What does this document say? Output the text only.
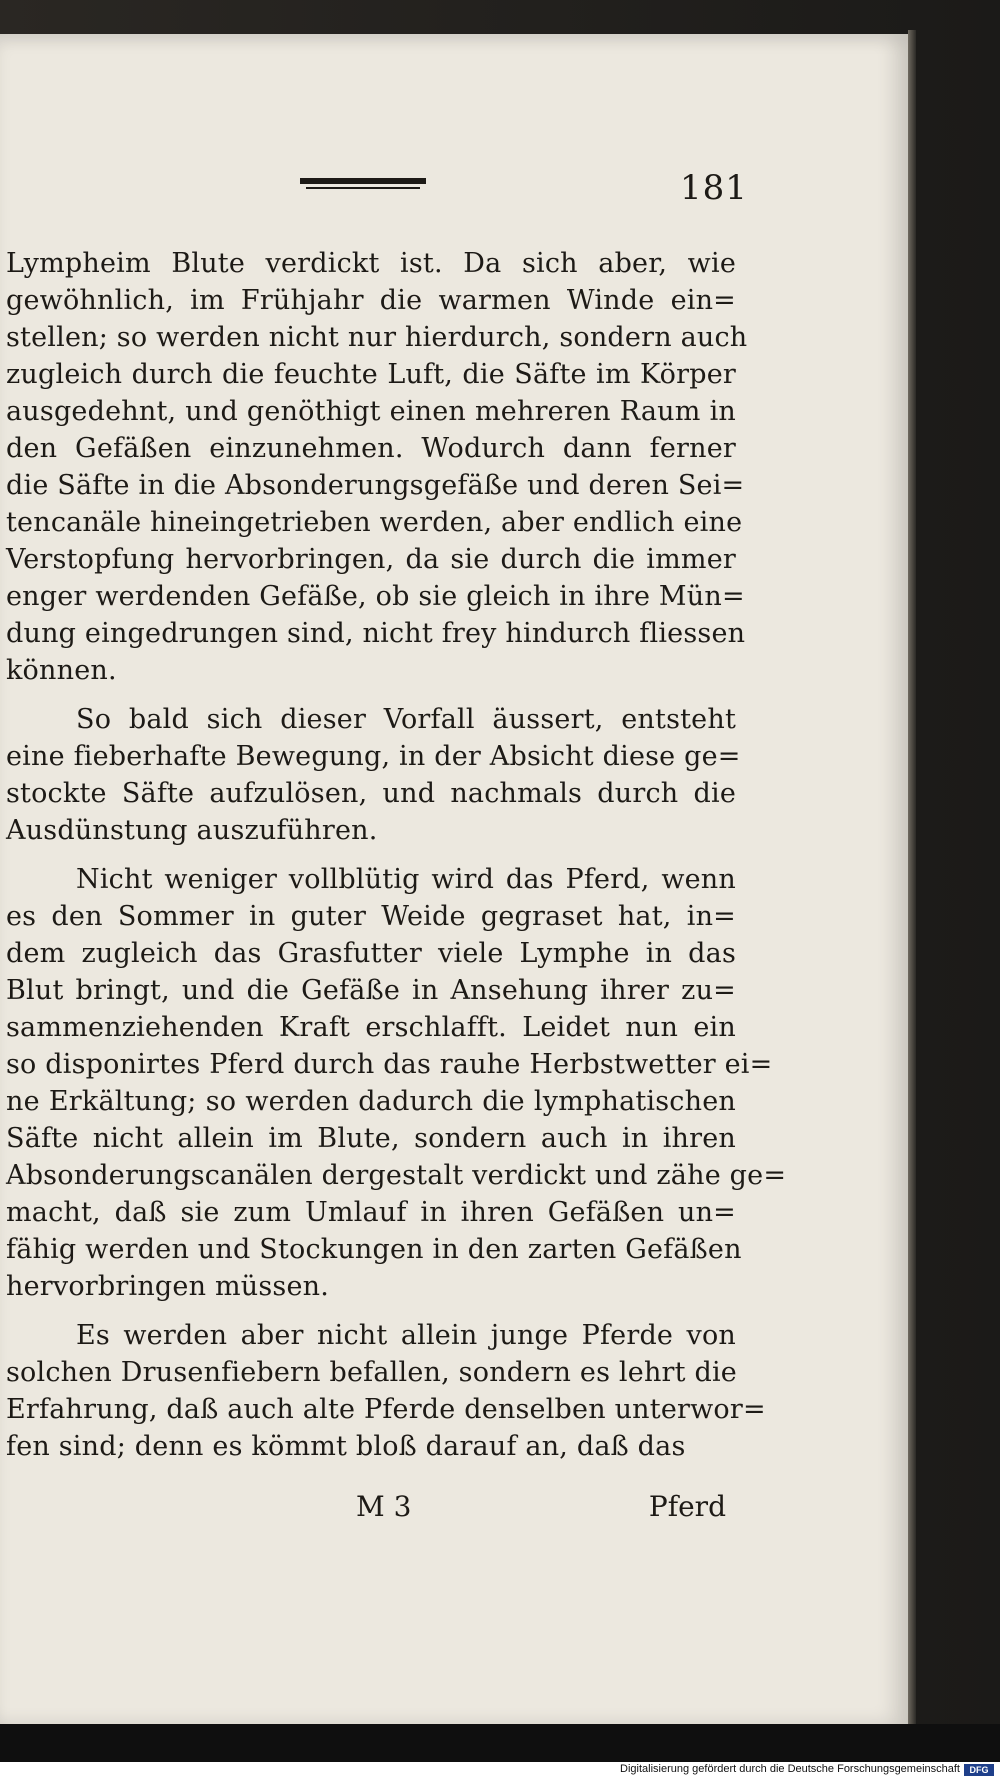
181
Lympheim Blute verdickt ist. Da sich aber, wie
gewöhnlich, im Frühjahr die warmen Winde ein=
stellen; so werden nicht nur hierdurch, sondern auch
zugleich durch die feuchte Luft, die Säfte im Körper
ausgedehnt, und genöthigt einen mehreren Raum in
den Gefäßen einzunehmen. Wodurch dann ferner
die Säfte in die Absonderungsgefäße und deren Sei=
tencanäle hineingetrieben werden, aber endlich eine
Verstopfung hervorbringen, da sie durch die immer
enger werdenden Gefäße, ob sie gleich in ihre Mün=
dung eingedrungen sind, nicht frey hindurch fliessen
können.
So bald sich dieser Vorfall äussert, entsteht
eine fieberhafte Bewegung, in der Absicht diese ge=
stockte Säfte aufzulösen, und nachmals durch die
Ausdünstung auszuführen.
Nicht weniger vollblütig wird das Pferd, wenn
es den Sommer in guter Weide gegraset hat, in=
dem zugleich das Grasfutter viele Lymphe in das
Blut bringt, und die Gefäße in Ansehung ihrer zu=
sammenziehenden Kraft erschlafft. Leidet nun ein
so disponirtes Pferd durch das rauhe Herbstwetter ei=
ne Erkältung; so werden dadurch die lymphatischen
Säfte nicht allein im Blute, sondern auch in ihren
Absonderungscanälen dergestalt verdickt und zähe ge=
macht, daß sie zum Umlauf in ihren Gefäßen un=
fähig werden und Stockungen in den zarten Gefäßen
hervorbringen müssen.
Es werden aber nicht allein junge Pferde von
solchen Drusenfiebern befallen, sondern es lehrt die
Erfahrung, daß auch alte Pferde denselben unterwor=
fen sind; denn es kömmt bloß darauf an, daß das
M 3	Pferd
Digitalisierung gefördert durch die Deutsche Forschungsgemeinschaft	DFG
